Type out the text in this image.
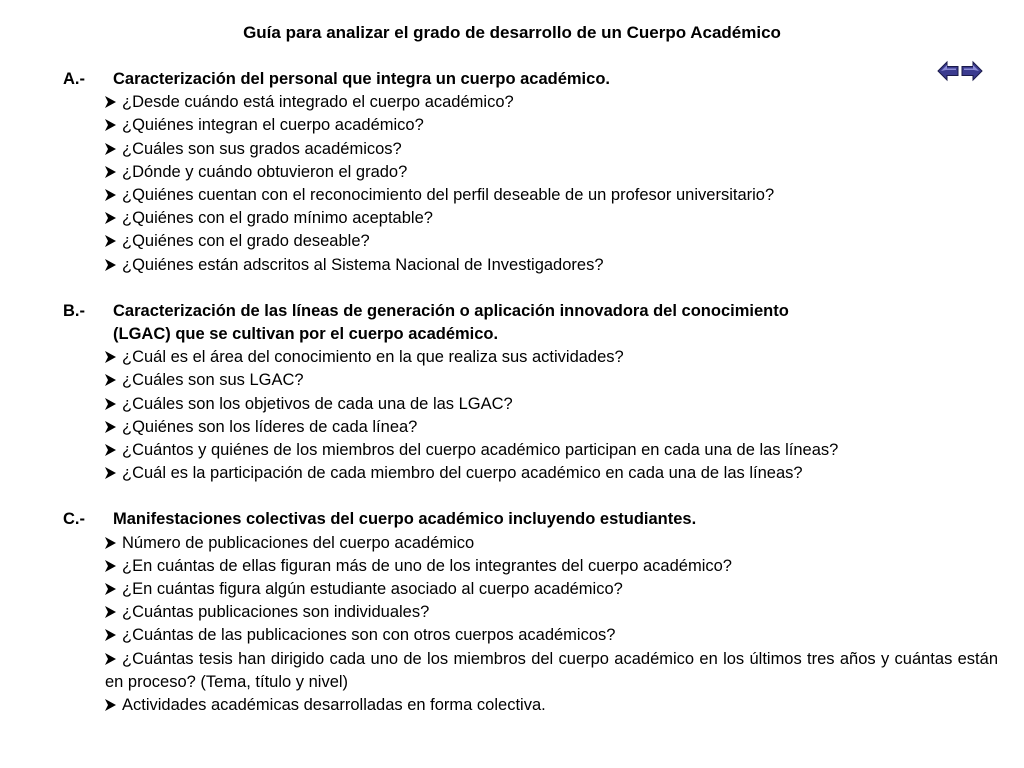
Guía para analizar el grado de desarrollo de un Cuerpo Académico
A.-	Caracterización del personal que integra un cuerpo académico.
¿Desde cuándo está integrado el cuerpo académico?
¿Quiénes integran el cuerpo académico?
¿Cuáles son sus grados académicos?
¿Dónde y cuándo obtuvieron el grado?
¿Quiénes cuentan con el reconocimiento del perfil deseable de un profesor universitario?
¿Quiénes con el grado mínimo aceptable?
¿Quiénes con el grado deseable?
¿Quiénes están adscritos al Sistema Nacional de Investigadores?
B.-	Caracterización de las líneas de generación o aplicación innovadora del conocimiento
(LGAC) que se cultivan por el cuerpo académico.
¿Cuál es el área del conocimiento en la que realiza sus actividades?
¿Cuáles son sus LGAC?
¿Cuáles son los objetivos de cada una de las LGAC?
¿Quiénes son los líderes de cada línea?
¿Cuántos y quiénes de los miembros del cuerpo académico participan en cada una de las líneas?
¿Cuál es la participación de cada miembro del cuerpo académico en cada una de las líneas?
C.-	Manifestaciones colectivas del cuerpo académico incluyendo estudiantes.
Número de publicaciones del cuerpo académico
¿En cuántas de ellas figuran más de uno de los integrantes del cuerpo académico?
¿En cuántas figura algún estudiante asociado al cuerpo académico?
¿Cuántas publicaciones son individuales?
¿Cuántas de las publicaciones son con otros cuerpos académicos?
¿Cuántas tesis han dirigido cada uno de los miembros del cuerpo académico en los últimos tres años y cuántas están en proceso? (Tema, título y nivel)
Actividades académicas desarrolladas en forma colectiva.
